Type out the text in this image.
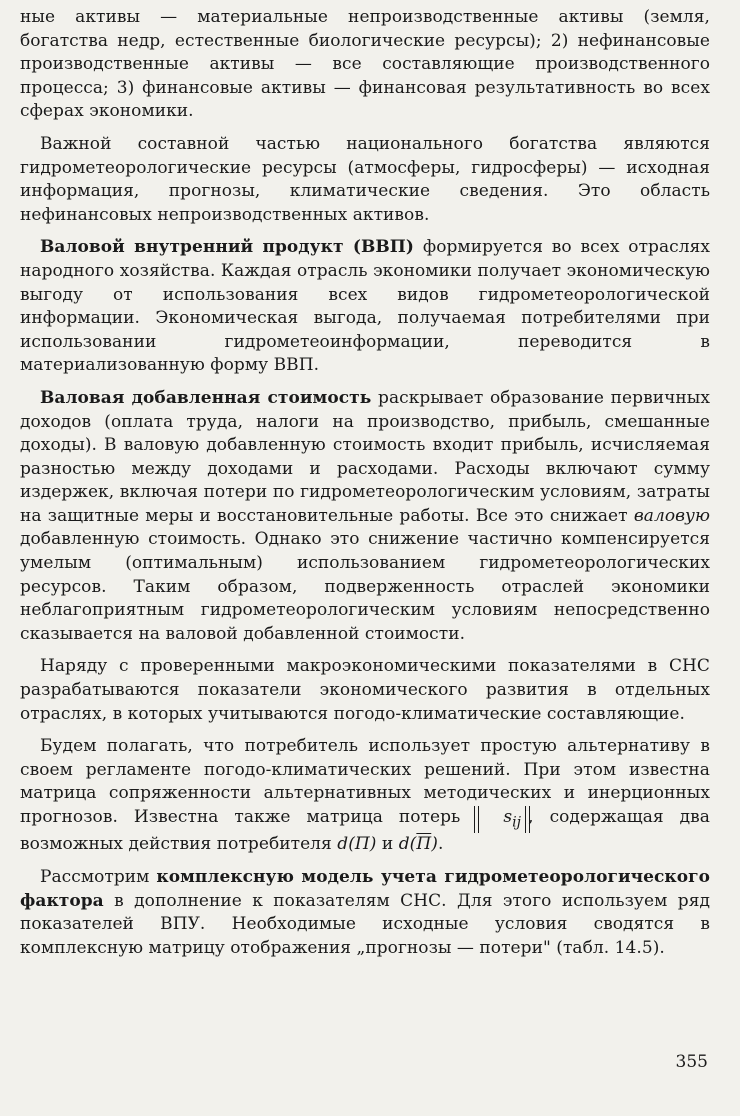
ные активы — материальные непроизводственные активы (земля, богатства недр, естественные биологические ресурсы); 2) нефинансовые производственные активы — все составляющие производственного процесса; 3) финансовые активы — финансовая результативность во всех сферах экономики.

Важной составной частью национального богатства являются гидрометеорологические ресурсы (атмосферы, гидросферы) — исходная информация, прогнозы, климатические сведения. Это область нефинансовых непроизводственных активов.

Валовой внутренний продукт (ВВП) формируется во всех отраслях народного хозяйства. Каждая отрасль экономики получает экономическую выгоду от использования всех видов гидрометеорологической информации. Экономическая выгода, получаемая потребителями при использовании гидрометеоинформации, переводится в материализованную форму ВВП.

Валовая добавленная стоимость раскрывает образование первичных доходов (оплата труда, налоги на производство, прибыль, смешанные доходы). В валовую добавленную стоимость входит прибыль, исчисляемая разностью между доходами и расходами. Расходы включают сумму издержек, включая потери по гидрометеорологическим условиям, затраты на защитные меры и восстановительные работы. Все это снижает валовую добавленную стоимость. Однако это снижение частично компенсируется умелым (оптимальным) использованием гидрометеорологических ресурсов. Таким образом, подверженность отраслей экономики неблагоприятным гидрометеорологическим условиям непосредственно сказывается на валовой добавленной стоимости.

Наряду с проверенными макроэкономическими показателями в СНС разрабатываются показатели экономического развития в отдельных отраслях, в которых учитываются погодо-климатические составляющие.

Будем полагать, что потребитель использует простую альтернативу в своем регламенте погодо-климатических решений. При этом известна матрица сопряженности альтернативных методических и инерционных прогнозов. Известна также матрица потерь $s_{ij}$ , содержащая два возможных действия потребителя d(П) и d(П).

Рассмотрим комплексную модель учета гидрометеорологического фактора в дополнение к показателям СНС. Для этого используем ряд показателей ВПУ. Необходимые исходные условия сводятся в комплексную матрицу отображения „прогнозы — потери" (табл. 14.5).

355
